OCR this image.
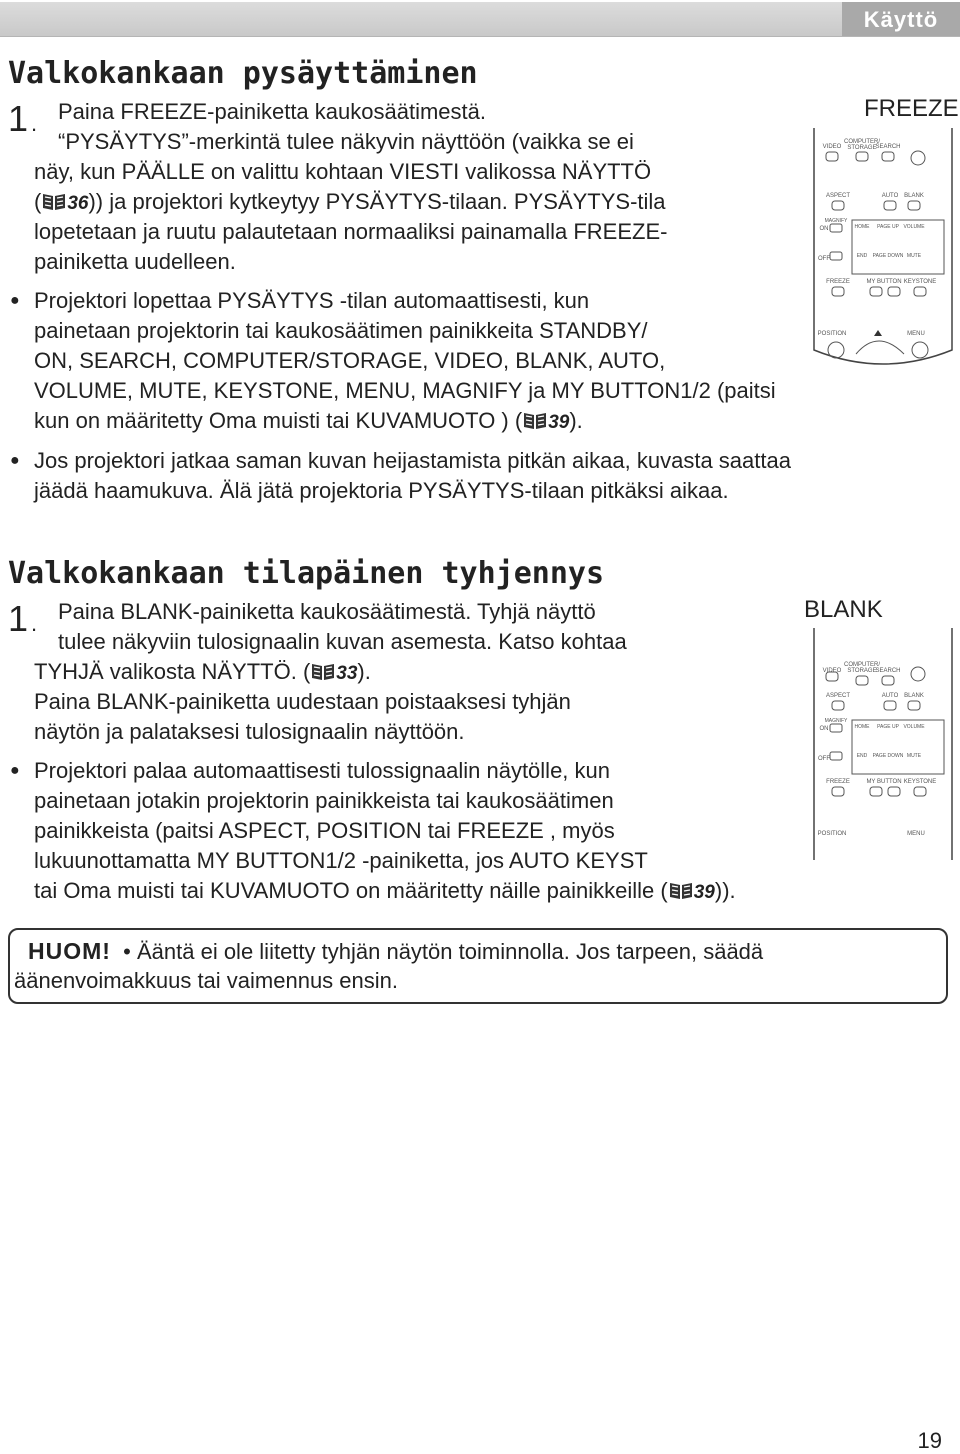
Käyttö
Valkokankaan pysäyttäminen
1 . Paina FREEZE-painiketta kaukosäätimestä.
“PYSÄYTYS”-merkintä tulee näkyvin näyttöön (vaikka se ei
näy, kun PÄÄLLE on valittu kohtaan VIESTI valikossa NÄYTTÖ
( 36)) ja projektori kytkeytyy PYSÄYTYS-tilaan. PYSÄYTYS-tila
lopetetaan ja ruutu palautetaan normaaliksi painamalla FREEZE-
painiketta uudelleen.
● Projektori lopettaa PYSÄYTYS -tilan automaattisesti, kun
painetaan projektorin tai kaukosäätimen painikkeita STANDBY/
ON, SEARCH, COMPUTER/STORAGE, VIDEO, BLANK, AUTO,
VOLUME, MUTE, KEYSTONE, MENU, MAGNIFY ja MY BUTTON1/2 (paitsi
kun on määritetty Oma muisti tai KUVAMUOTO ) ( 39).
● Jos projektori jatkaa saman kuvan heijastamista pitkän aikaa, kuvasta saattaa
jäädä haamukuva. Älä jätä projektoria PYSÄYTYS-tilaan pitkäksi aikaa.
FREEZE
VIDEO
COMPUTER/
STORAGE
SEARCH
ASPECT	AUTO BLANK
MAGNIFY
ON
OFF
HOME PAGE UP VOLUME
END PAGE DOWN MUTE
FREEZE	MY BUTTON KEYSTONE
POSITION	MENU
Valkokankaan tilapäinen tyhjennys
1 . Paina BLANK-painiketta kaukosäätimestä. Tyhjä näyttö
tulee näkyviin tulosignaalin kuvan asemesta. Katso kohtaa
TYHJÄ valikosta NÄYTTÖ. ( 33).
Paina BLANK-painiketta uudestaan poistaaksesi tyhjän
näytön ja palataksesi tulosignaalin näyttöön.
● Projektori palaa automaattisesti tulossignaalin näytölle, kun
painetaan jotakin projektorin painikkeista tai kaukosäätimen
painikkeista (paitsi ASPECT, POSITION tai FREEZE , myös
lukuunottamatta MY BUTTON1/2 -painiketta, jos AUTO KEYST
tai Oma muisti tai KUVAMUOTO on määritetty näille painikkeille ( 39)).
BLANK
VIDEO
COMPUTER/
STORAGE
SEARCH
ASPECT	AUTO BLANK
MAGNIFY
ON
OFF
HOME PAGE UP VOLUME
END PAGE DOWN MUTE
FREEZE	MY BUTTON KEYSTONE
POSITION	MENU
HUOM! • Ääntä ei ole liitetty tyhjän näytön toiminnolla. Jos tarpeen, säädä
äänenvoimakkuus tai vaimennus ensin.
19
